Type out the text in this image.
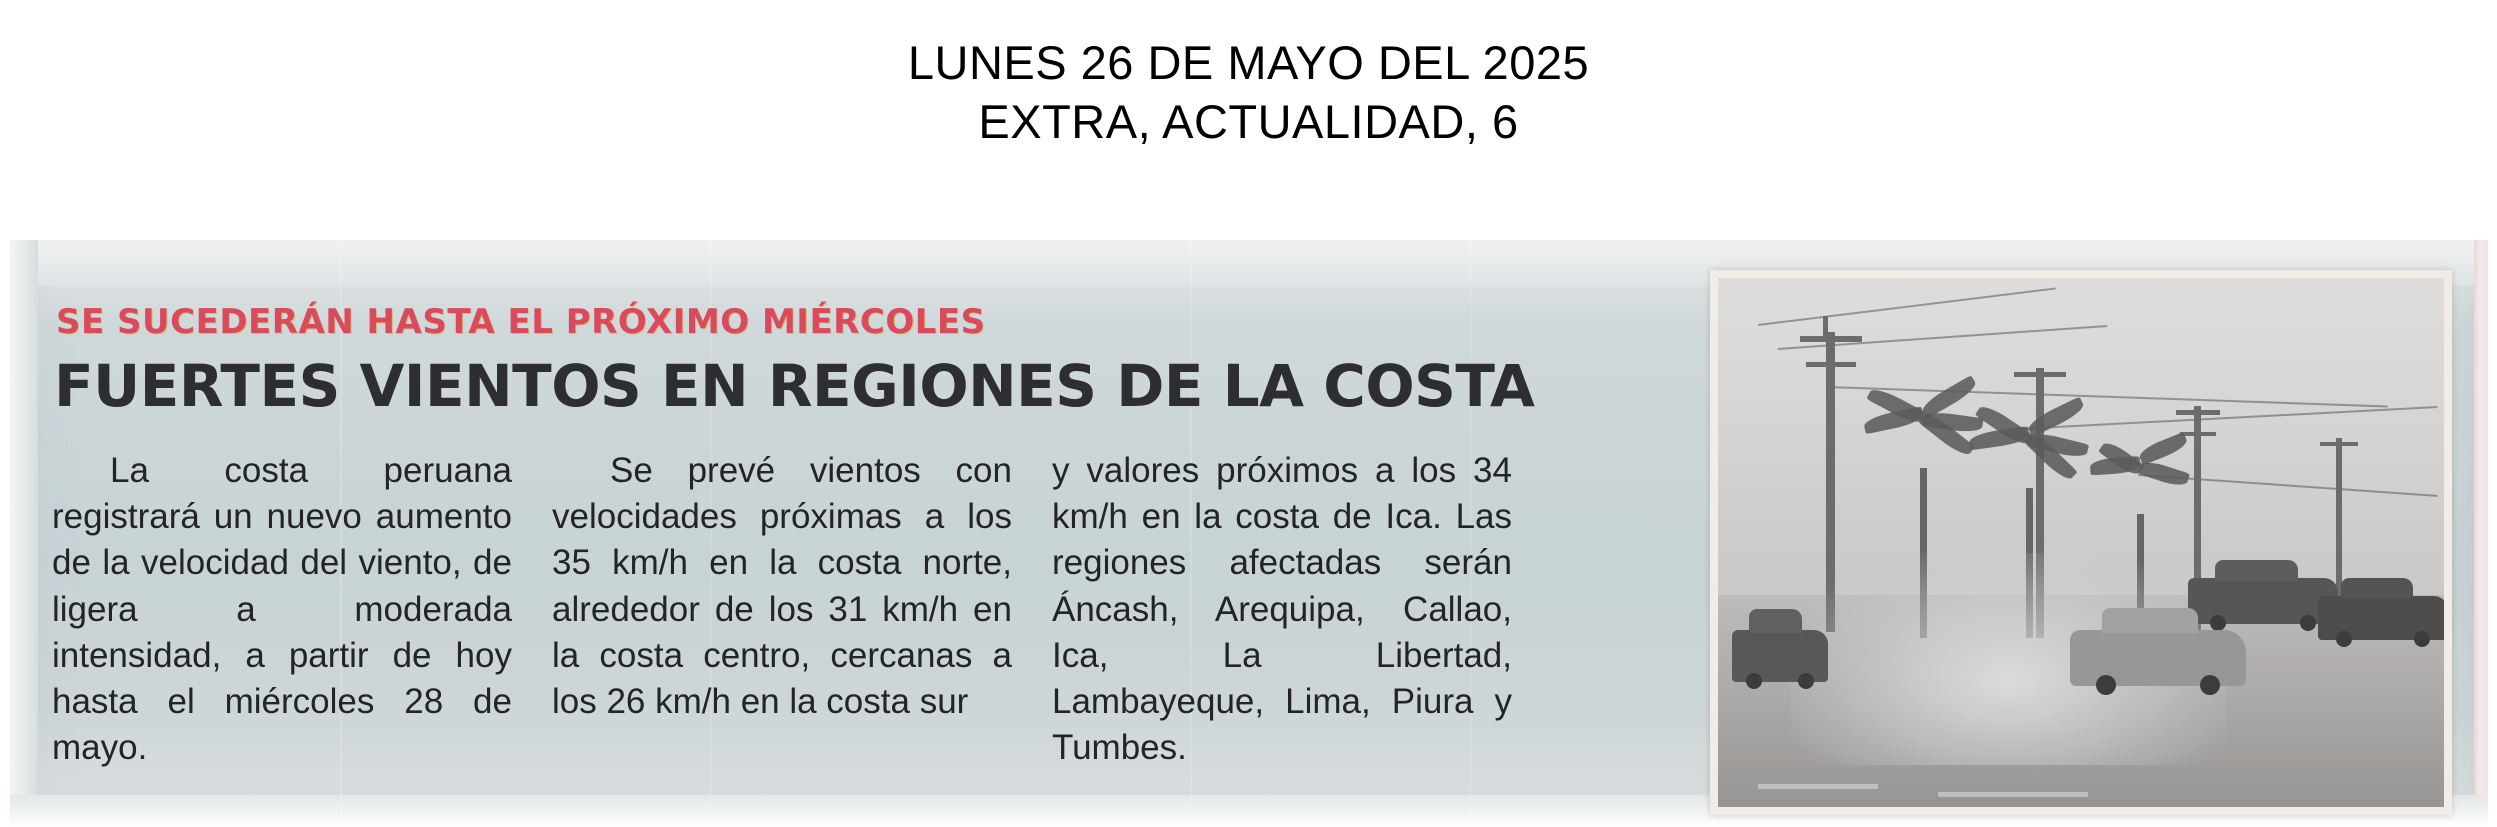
LUNES 26 DE MAYO DEL 2025
EXTRA, ACTUALIDAD, 6
SE SUCEDERÁN HASTA EL PRÓXIMO MIÉRCOLES
FUERTES VIENTOS EN REGIONES DE LA COSTA

La costa peruana registrará un nuevo aumento de la velocidad del viento, de ligera a moderada intensidad, a partir de hoy hasta el miércoles 28 de mayo.

Se prevé vientos con velocidades próximas a los 35 km/h en la costa norte, alrededor de los 31 km/h en la costa centro, cercanas a los 26 km/h en la costa sur

y valores próximos a los 34 km/h en la costa de Ica. Las regiones afectadas serán Áncash, Arequipa, Callao, Ica, La Libertad, Lambayeque, Lima, Piura y Tumbes.
